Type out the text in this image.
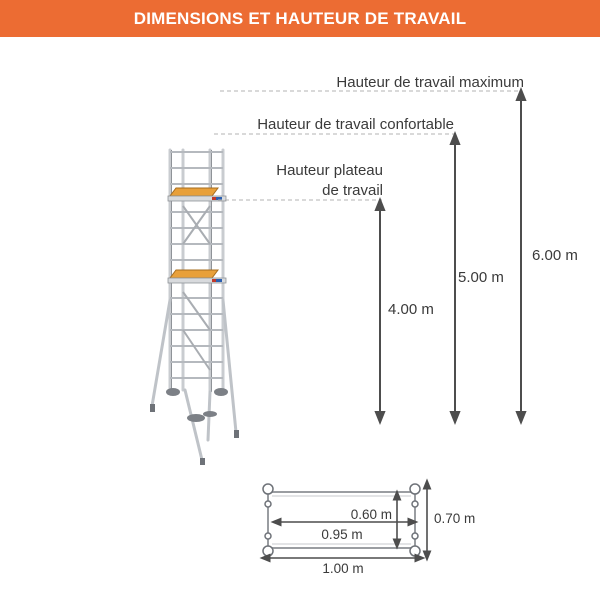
DIMENSIONS ET HAUTEUR DE TRAVAIL
Hauteur de travail maximum
Hauteur de travail confortable
Hauteur plateau
de travail
4.00 m
5.00 m
6.00 m
0.60 m
0.95 m
1.00 m
0.70 m
